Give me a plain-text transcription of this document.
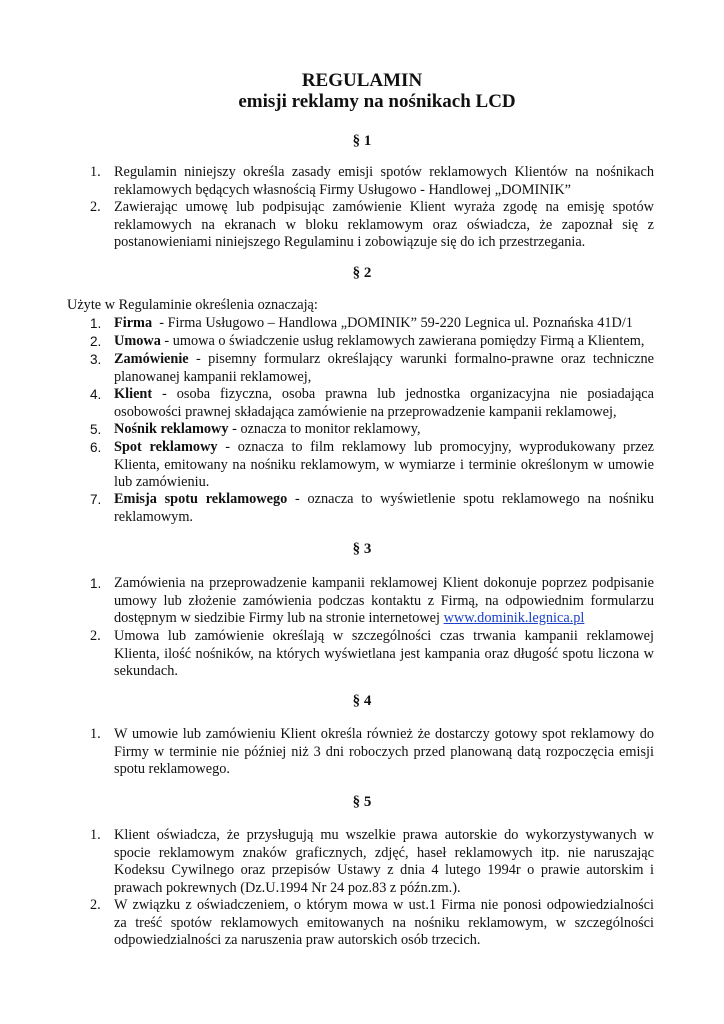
REGULAMIN
emisji reklamy na nośnikach LCD
§ 1
1. Regulamin niniejszy określa zasady emisji spotów reklamowych Klientów na nośnikach
reklamowych będących własnością Firmy Usługowo - Handlowej „DOMINIK”
2. Zawierając umowę lub podpisując zamówienie Klient wyraża zgodę na emisję spotów
reklamowych na ekranach w bloku reklamowym oraz oświadcza, że zapoznał się z
postanowieniami niniejszego Regulaminu i zobowiązuje się do ich przestrzegania.
§ 2
Użyte w Regulaminie określenia oznaczają:
1. Firma  - Firma Usługowo – Handlowa „DOMINIK” 59-220 Legnica ul. Poznańska 41D/1
2. Umowa - umowa o świadczenie usług reklamowych zawierana pomiędzy Firmą a Klientem,
3. Zamówienie - pisemny formularz określający warunki formalno-prawne oraz techniczne
planowanej kampanii reklamowej,
4. Klient - osoba fizyczna, osoba prawna lub jednostka organizacyjna nie posiadająca
osobowości prawnej składająca zamówienie na przeprowadzenie kampanii reklamowej,
5. Nośnik reklamowy - oznacza to monitor reklamowy,
6. Spot reklamowy - oznacza to film reklamowy lub promocyjny, wyprodukowany przez
Klienta, emitowany na nośniku reklamowym, w wymiarze i terminie określonym w umowie
lub zamówieniu.
7. Emisja spotu reklamowego - oznacza to wyświetlenie spotu reklamowego na nośniku
reklamowym.
§ 3
1. Zamówienia na przeprowadzenie kampanii reklamowej Klient dokonuje poprzez podpisanie
umowy lub złożenie zamówienia podczas kontaktu z Firmą, na odpowiednim formularzu
dostępnym w siedzibie Firmy lub na stronie internetowej www.dominik.legnica.pl
2. Umowa lub zamówienie określają w szczególności czas trwania kampanii reklamowej
Klienta, ilość nośników, na których wyświetlana jest kampania oraz długość spotu liczona w
sekundach.
§ 4
1. W umowie lub zamówieniu Klient określa również że dostarczy gotowy spot reklamowy do
Firmy w terminie nie później niż 3 dni roboczych przed planowaną datą rozpoczęcia emisji
spotu reklamowego.
§ 5
1. Klient oświadcza, że przysługują mu wszelkie prawa autorskie do wykorzystywanych w
spocie reklamowym znaków graficznych, zdjęć, haseł reklamowych itp. nie naruszając
Kodeksu Cywilnego oraz przepisów Ustawy z dnia 4 lutego 1994r o prawie autorskim i
prawach pokrewnych (Dz.U.1994 Nr 24 poz.83 z późn.zm.).
2. W związku z oświadczeniem, o którym mowa w ust.1 Firma nie ponosi odpowiedzialności
za treść spotów reklamowych emitowanych na nośniku reklamowym, w szczególności
odpowiedzialności za naruszenia praw autorskich osób trzecich.
